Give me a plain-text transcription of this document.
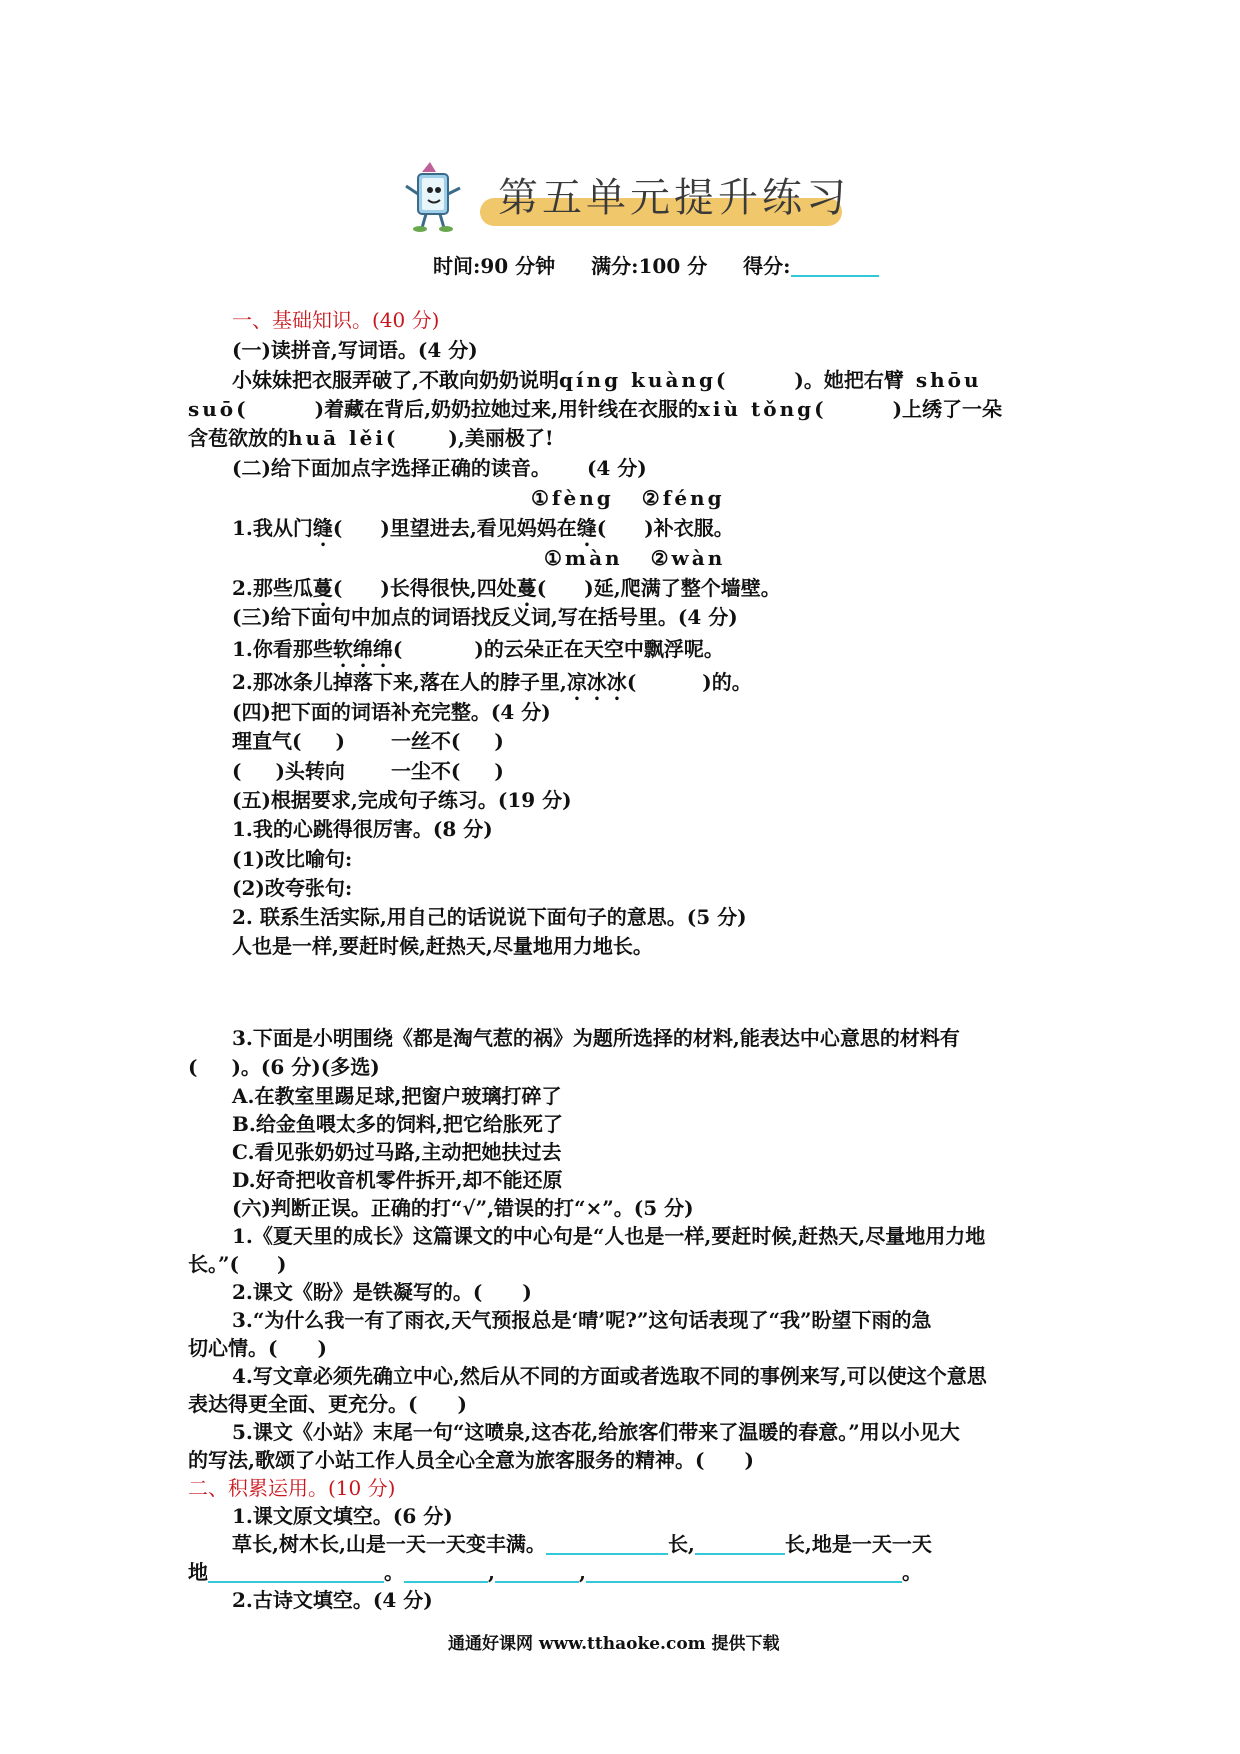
第五单元提升练习
时间:90 分钟 满分:100 分 得分:
一、基础知识。(40 分)
(一)读拼音,写词语。(4 分)
小妹妹把衣服弄破了,不敢向奶奶说明qíng kuàng(	)。她把右臂 shōu
suō(	)着藏在背后,奶奶拉她过来,用针线在衣服的xiù tǒng(	)上绣了一朵
含苞欲放的huā lěi(	),美丽极了!
(二)给下面加点字选择正确的读音。 (4 分)
①fèng ②féng
1.我从门缝( )里望进去,看见妈妈在缝( )补衣服。
①màn ②wàn
2.那些瓜蔓( )长得很快,四处蔓( )延,爬满了整个墙壁。
(三)给下面句中加点的词语找反义词,写在括号里。(4 分)
1.你看那些软绵绵(	)的云朵正在天空中飘浮呢。
2.那冰条儿掉落下来,落在人的脖子里,凉冰冰(	)的。
(四)把下面的词语补充完整。(4 分)
理直气( ) 一丝不( )
( )头转向 一尘不( )
(五)根据要求,完成句子练习。(19 分)
1.我的心跳得很厉害。(8 分)
(1)改比喻句:
(2)改夸张句:
2. 联系生活实际,用自己的话说说下面句子的意思。(5 分)
人也是一样,要赶时候,赶热天,尽量地用力地长。
3.下面是小明围绕《都是淘气惹的祸》为题所选择的材料,能表达中心意思的材料有
( )。(6 分)(多选)
A.在教室里踢足球,把窗户玻璃打碎了
B.给金鱼喂太多的饲料,把它给胀死了
C.看见张奶奶过马路,主动把她扶过去
D.好奇把收音机零件拆开,却不能还原
(六)判断正误。正确的打“√”,错误的打“×”。(5 分)
1.《夏天里的成长》这篇课文的中心句是“人也是一样,要赶时候,赶热天,尽量地用力地
长。”( )
2.课文《盼》是铁凝写的。( )
3.“为什么我一有了雨衣,天气预报总是‘晴’呢?”这句话表现了“我”盼望下雨的急
切心情。( )
4.写文章必须先确立中心,然后从不同的方面或者选取不同的事例来写,可以使这个意思
表达得更全面、更充分。( )
5.课文《小站》末尾一句“这喷泉,这杏花,给旅客们带来了温暖的春意。”用以小见大
的写法,歌颂了小站工作人员全心全意为旅客服务的精神。( )
二、积累运用。(10 分)
1.课文原文填空。(6 分)
草长,树木长,山是一天一天变丰满。	长,	长,地是一天一天
地	。	,	,	。
2.古诗文填空。(4 分)
通通好课网 www.tthaoke.com 提供下载
